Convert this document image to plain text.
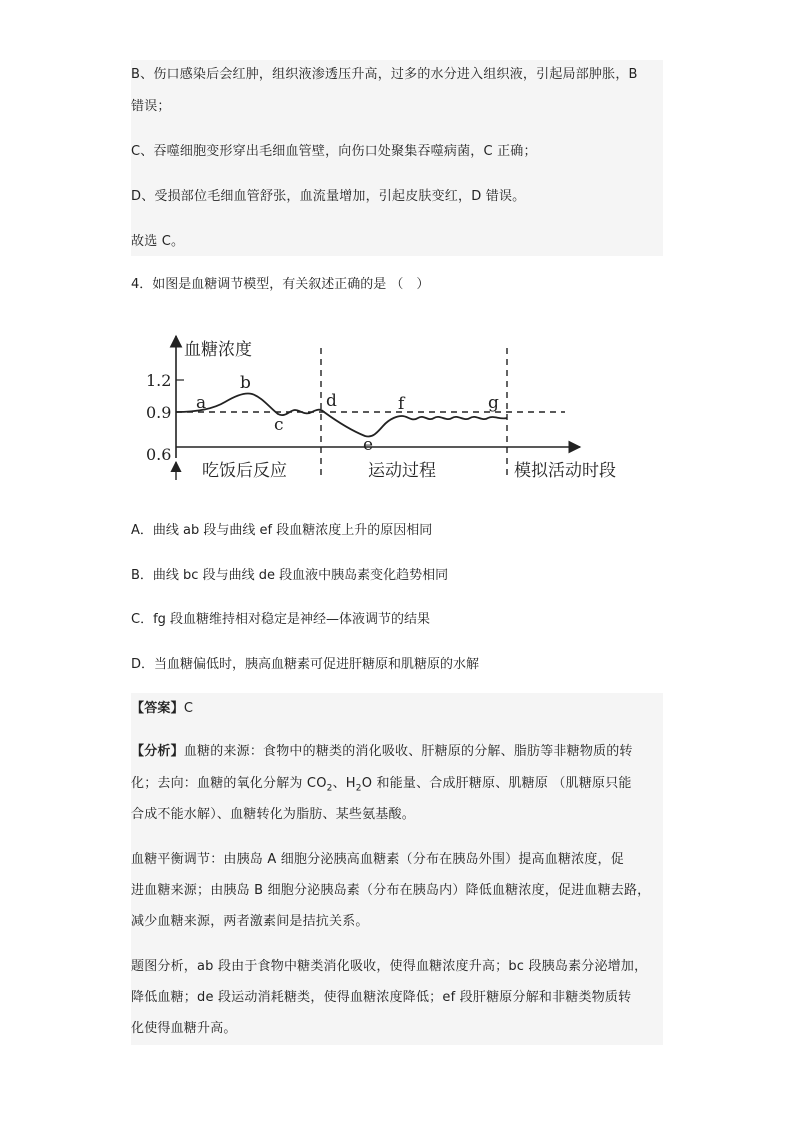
B、伤口感染后会红肿，组织液渗透压升高，过多的水分进入组织液，引起局部肿胀，B
错误；
C、吞噬细胞变形穿出毛细血管壁，向伤口处聚集吞噬病菌，C 正确；
D、受损部位毛细血管舒张，血流量增加，引起皮肤变红，D 错误。
故选 C。
4．如图是血糖调节模型，有关叙述正确的是 （　）
血糖浓度
1.2
0.9
0.6
a
b
c
d
e
f	g
吃饭后反应	运动过程	模拟活动时段
A．曲线 ab 段与曲线 ef 段血糖浓度上升的原因相同
B．曲线 bc 段与曲线 de 段血液中胰岛素变化趋势相同
C．fg 段血糖维持相对稳定是神经—体液调节的结果
D．当血糖偏低时，胰高血糖素可促进肝糖原和肌糖原的水解
【答案】C
【分析】血糖的来源：食物中的糖类的消化吸收、肝糖原的分解、脂肪等非糖物质的转
化；去向：血糖的氧化分解为 $CO_2$、$H_2O$ 和能量、合成肝糖原、肌糖原 （肌糖原只能
合成不能水解）、血糖转化为脂肪、某些氨基酸。
血糖平衡调节：由胰岛 A 细胞分泌胰高血糖素（分布在胰岛外围）提高血糖浓度，促
进血糖来源；由胰岛 B 细胞分泌胰岛素（分布在胰岛内）降低血糖浓度，促进血糖去路，
减少血糖来源，两者激素间是拮抗关系。
题图分析，ab 段由于食物中糖类消化吸收，使得血糖浓度升高；bc 段胰岛素分泌增加，
降低血糖；de 段运动消耗糖类，使得血糖浓度降低；ef 段肝糖原分解和非糖类物质转
化使得血糖升高。
